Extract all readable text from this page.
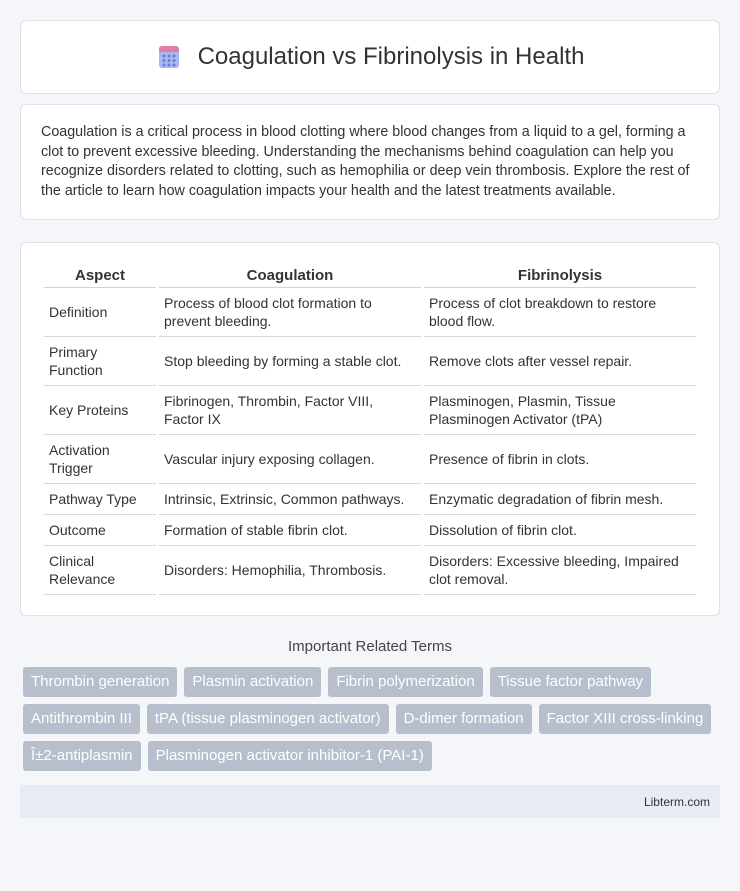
Coagulation vs Fibrinolysis in Health
Coagulation is a critical process in blood clotting where blood changes from a liquid to a gel, forming a clot to prevent excessive bleeding. Understanding the mechanisms behind coagulation can help you recognize disorders related to clotting, such as hemophilia or deep vein thrombosis. Explore the rest of the article to learn how coagulation impacts your health and the latest treatments available.
Aspect	Coagulation	Fibrinolysis
Definition	Process of blood clot formation to prevent bleeding.	Process of clot breakdown to restore blood flow.
Primary Function	Stop bleeding by forming a stable clot.	Remove clots after vessel repair.
Key Proteins	Fibrinogen, Thrombin, Factor VIII, Factor IX	Plasminogen, Plasmin, Tissue Plasminogen Activator (tPA)
Activation Trigger	Vascular injury exposing collagen.	Presence of fibrin in clots.
Pathway Type	Intrinsic, Extrinsic, Common pathways.	Enzymatic degradation of fibrin mesh.
Outcome	Formation of stable fibrin clot.	Dissolution of fibrin clot.
Clinical Relevance	Disorders: Hemophilia, Thrombosis.	Disorders: Excessive bleeding, Impaired clot removal.
Important Related Terms
Thrombin generation	Plasmin activation	Fibrin polymerization	Tissue factor pathway
Antithrombin III	tPA (tissue plasminogen activator)	D-dimer formation	Factor XIII cross-linking
Î±2-antiplasmin	Plasminogen activator inhibitor-1 (PAI-1)
Libterm.com
